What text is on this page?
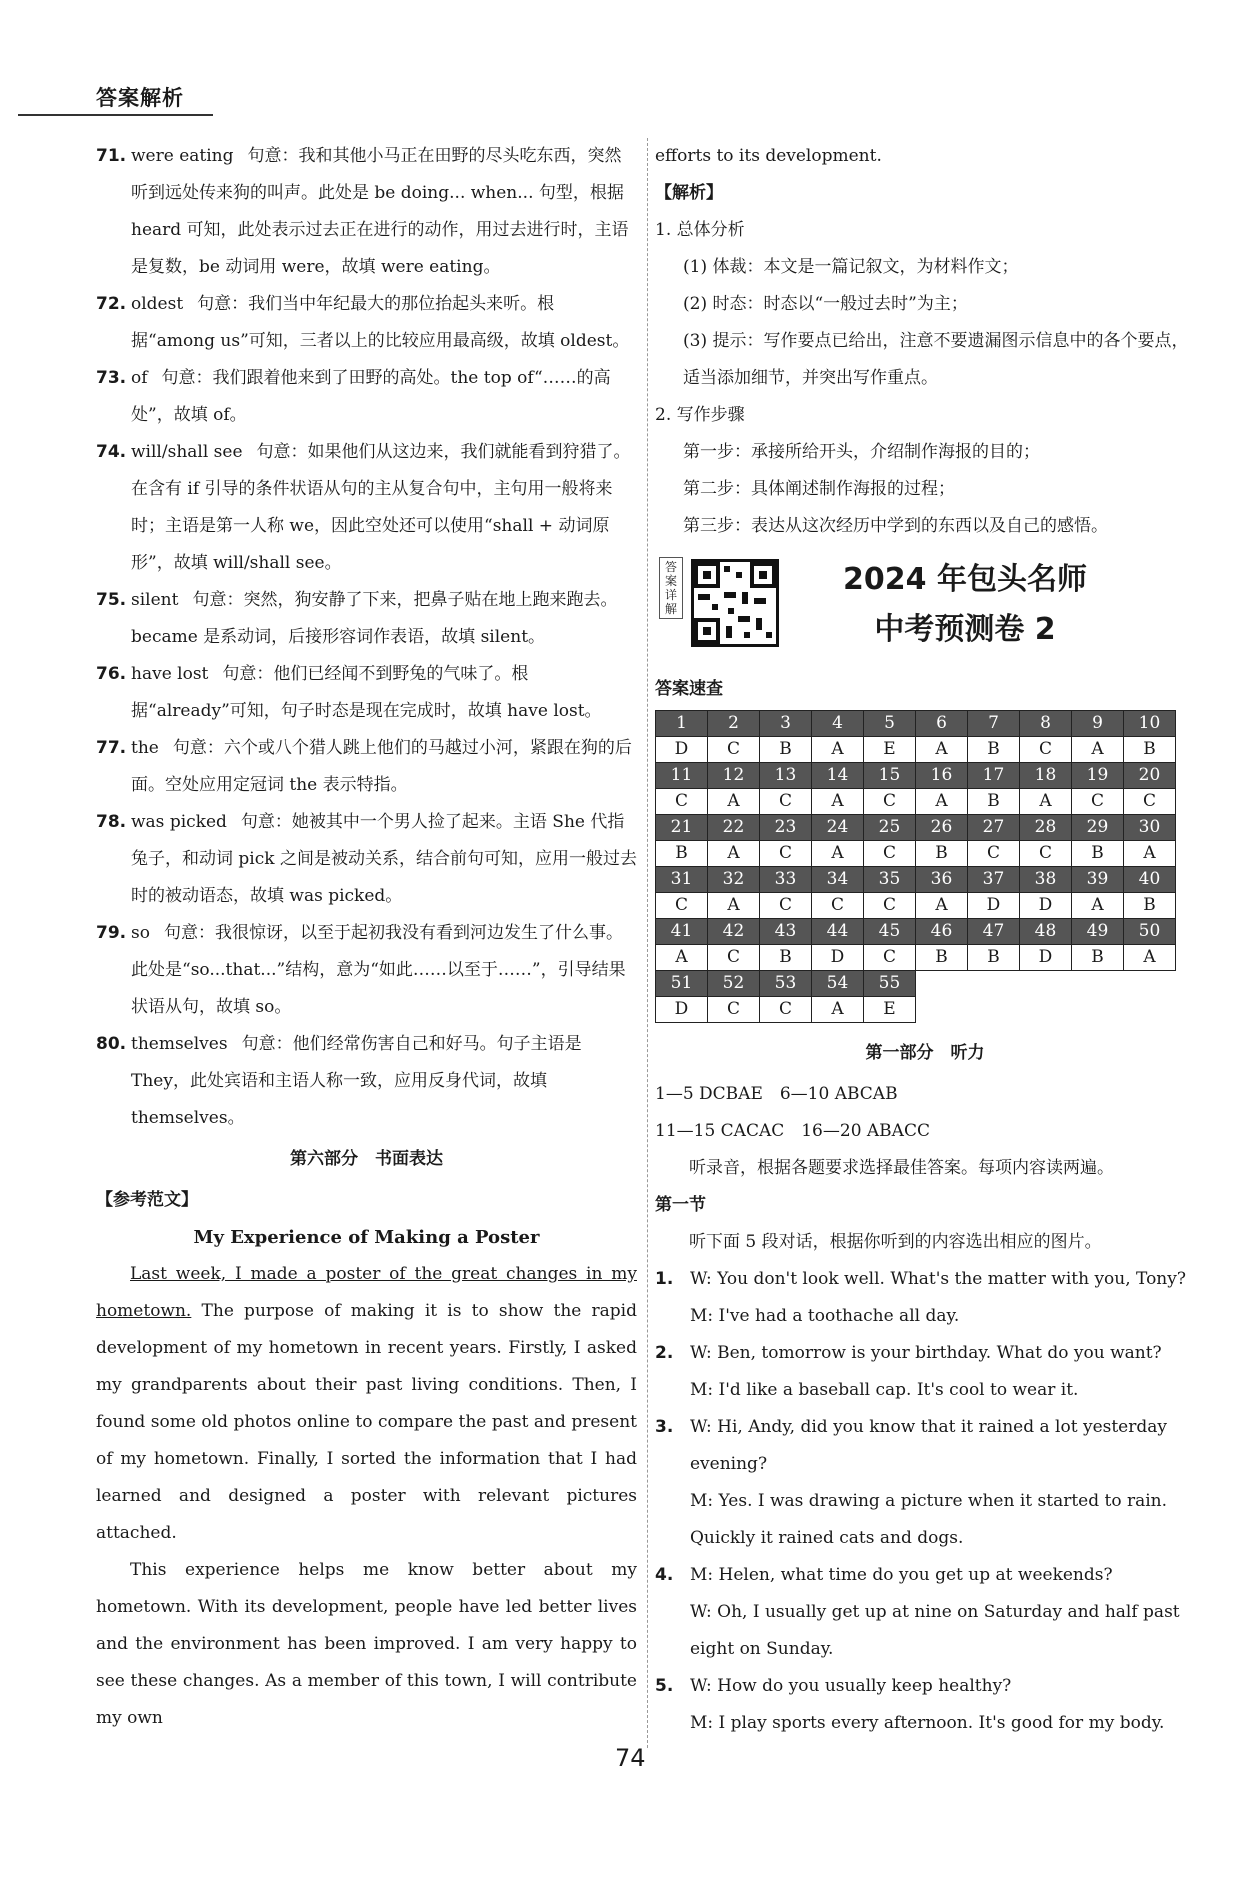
答案解析
71. were eating 句意：我和其他小马正在田野的尽头吃东西，突然听到远处传来狗的叫声。此处是 be doing... when... 句型，根据 heard 可知，此处表示过去正在进行的动作，用过去进行时，主语是复数，be 动词用 were，故填 were eating。
72. oldest 句意：我们当中年纪最大的那位抬起头来听。根据“among us”可知，三者以上的比较应用最高级，故填 oldest。
73. of 句意：我们跟着他来到了田野的高处。the top of“……的高处”，故填 of。
74. will/shall see 句意：如果他们从这边来，我们就能看到狩猎了。在含有 if 引导的条件状语从句的主从复合句中，主句用一般将来时；主语是第一人称 we，因此空处还可以使用“shall + 动词原形”，故填 will/shall see。
75. silent 句意：突然，狗安静了下来，把鼻子贴在地上跑来跑去。became 是系动词，后接形容词作表语，故填 silent。
76. have lost 句意：他们已经闻不到野兔的气味了。根据“already”可知，句子时态是现在完成时，故填 have lost。
77. the 句意：六个或八个猎人跳上他们的马越过小河，紧跟在狗的后面。空处应用定冠词 the 表示特指。
78. was picked 句意：她被其中一个男人捡了起来。主语 She 代指兔子，和动词 pick 之间是被动关系，结合前句可知，应用一般过去时的被动语态，故填 was picked。
79. so 句意：我很惊讶，以至于起初我没有看到河边发生了什么事。此处是“so...that...”结构，意为“如此……以至于……”，引导结果状语从句，故填 so。
80. themselves 句意：他们经常伤害自己和好马。句子主语是 They，此处宾语和主语人称一致，应用反身代词，故填 themselves。
第六部分　书面表达
【参考范文】
My Experience of Making a Poster
Last week, I made a poster of the great changes in my hometown. The purpose of making it is to show the rapid development of my hometown in recent years. Firstly, I asked my grandparents about their past living conditions. Then, I found some old photos online to compare the past and present of my hometown. Finally, I sorted the information that I had learned and designed a poster with relevant pictures attached.
This experience helps me know better about my hometown. With its development, people have led better lives and the environment has been improved. I am very happy to see these changes. As a member of this town, I will contribute my own
efforts to its development.
【解析】
1. 总体分析
(1) 体裁：本文是一篇记叙文，为材料作文；
(2) 时态：时态以“一般过去时”为主；
(3) 提示：写作要点已给出，注意不要遗漏图示信息中的各个要点，适当添加细节，并突出写作重点。
2. 写作步骤
第一步：承接所给开头，介绍制作海报的目的；
第二步：具体阐述制作海报的过程；
第三步：表达从这次经历中学到的东西以及自己的感悟。
答案详解
2024 年包头名师
中考预测卷 2
答案速查
1	2	3	4	5	6	7	8	9	10
D	C	B	A	E	A	B	C	A	B
11	12	13	14	15	16	17	18	19	20
C	A	C	A	C	A	B	A	C	C
21	22	23	24	25	26	27	28	29	30
B	A	C	A	C	B	C	C	B	A
31	32	33	34	35	36	37	38	39	40
C	A	C	C	C	A	D	D	A	B
41	42	43	44	45	46	47	48	49	50
A	C	B	D	C	B	B	D	B	A
51	52	53	54	55					
D	C	C	A	E					
第一部分　听力
1—5 DCBAE　6—10 ABCAB
11—15 CACAC　16—20 ABACC
听录音，根据各题要求选择最佳答案。每项内容读两遍。
第一节
听下面 5 段对话，根据你听到的内容选出相应的图片。
1. W: You don't look well. What's the matter with you, Tony?
M: I've had a toothache all day.
2. W: Ben, tomorrow is your birthday. What do you want?
M: I'd like a baseball cap. It's cool to wear it.
3. W: Hi, Andy, did you know that it rained a lot yesterday evening?
M: Yes. I was drawing a picture when it started to rain. Quickly it rained cats and dogs.
4. M: Helen, what time do you get up at weekends?
W: Oh, I usually get up at nine on Saturday and half past eight on Sunday.
5. W: How do you usually keep healthy?
M: I play sports every afternoon. It's good for my body.
74
